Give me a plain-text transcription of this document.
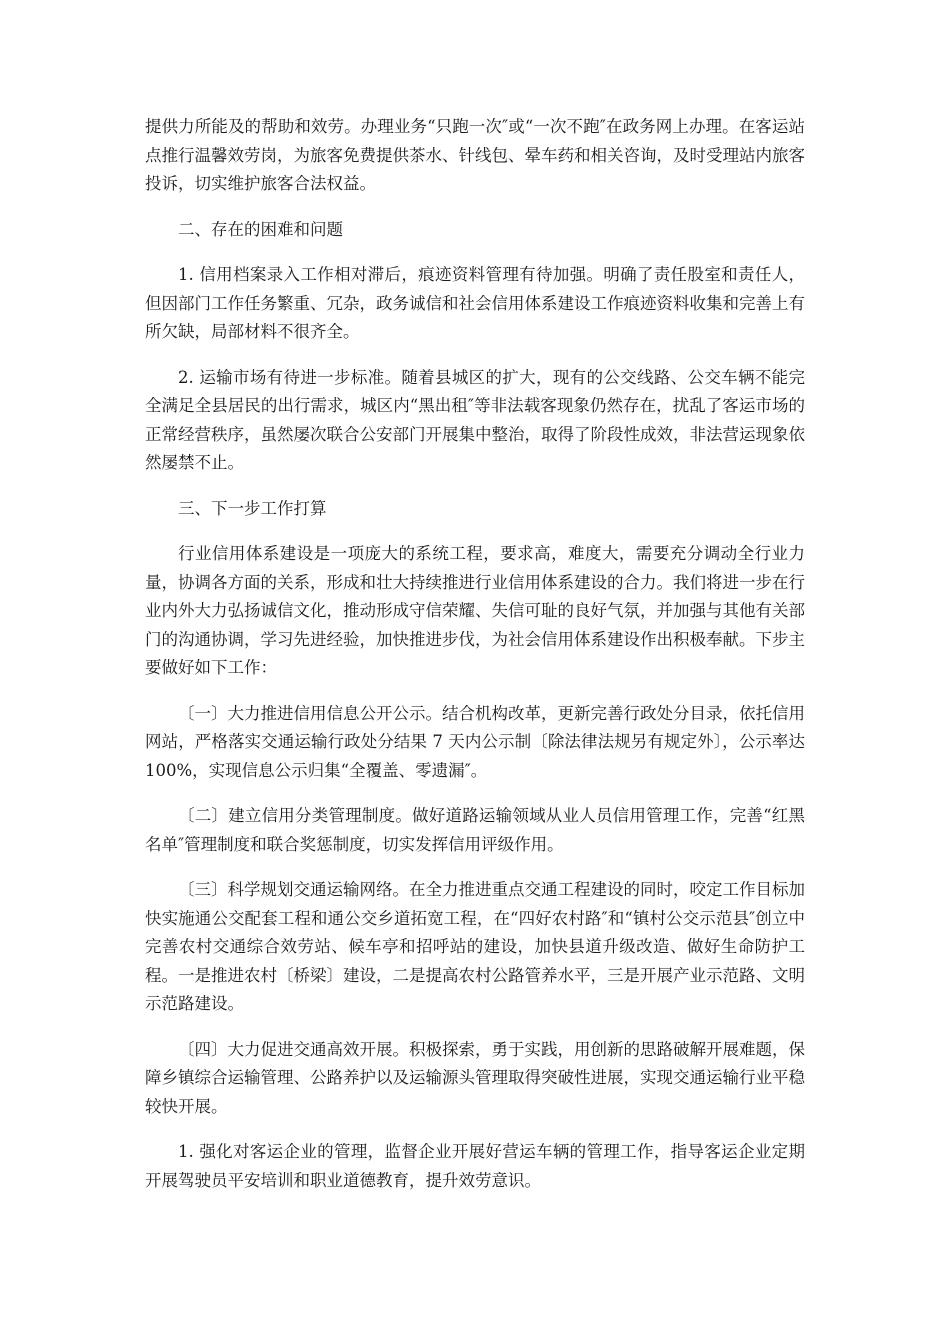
提供力所能及的帮助和效劳。办理业务“只跑一次″或“一次不跑″在政务网上办理。在客运站点推行温馨效劳岗，为旅客免费提供茶水、针线包、晕车药和相关咨询，及时受理站内旅客投诉，切实维护旅客合法权益。

二、存在的困难和问题

1. 信用档案录入工作相对滞后，痕迹资料管理有待加强。明确了责任股室和责任人，但因部门工作任务繁重、冗杂，政务诚信和社会信用体系建设工作痕迹资料收集和完善上有所欠缺，局部材料不很齐全。

2. 运输市场有待进一步标准。随着县城区的扩大，现有的公交线路、公交车辆不能完全满足全县居民的出行需求，城区内“黑出租″等非法载客现象仍然存在，扰乱了客运市场的正常经营秩序，虽然屡次联合公安部门开展集中整治，取得了阶段性成效，非法营运现象依然屡禁不止。

三、下一步工作打算

行业信用体系建设是一项庞大的系统工程，要求高，难度大，需要充分调动全行业力量，协调各方面的关系，形成和壮大持续推进行业信用体系建设的合力。我们将进一步在行业内外大力弘扬诚信文化，推动形成守信荣耀、失信可耻的良好气氛，并加强与其他有关部门的沟通协调，学习先进经验，加快推进步伐，为社会信用体系建设作出积极奉献。下步主要做好如下工作：

〔一〕大力推进信用信息公开公示。结合机构改革，更新完善行政处分目录，依托信用网站，严格落实交通运输行政处分结果 7 天内公示制〔除法律法规另有规定外〕，公示率达 100%，实现信息公示归集“全覆盖、零遗漏″。

〔二〕建立信用分类管理制度。做好道路运输领域从业人员信用管理工作，完善“红黑名单″管理制度和联合奖惩制度，切实发挥信用评级作用。

〔三〕科学规划交通运输网络。在全力推进重点交通工程建设的同时，咬定工作目标加快实施通公交配套工程和通公交乡道拓宽工程，在“四好农村路″和“镇村公交示范县″创立中完善农村交通综合效劳站、候车亭和招呼站的建设，加快县道升级改造、做好生命防护工程。一是推进农村〔桥梁〕建设，二是提高农村公路管养水平，三是开展产业示范路、文明示范路建设。

〔四〕大力促进交通高效开展。积极探索，勇于实践，用创新的思路破解开展难题，保障乡镇综合运输管理、公路养护以及运输源头管理取得突破性进展，实现交通运输行业平稳较快开展。

1. 强化对客运企业的管理，监督企业开展好营运车辆的管理工作，指导客运企业定期开展驾驶员平安培训和职业道德教育，提升效劳意识。
